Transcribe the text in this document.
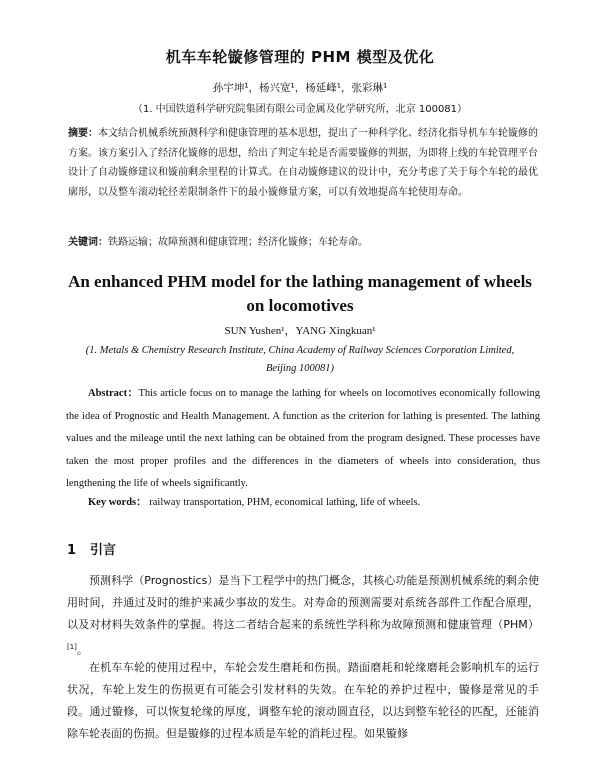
机车车轮镟修管理的 PHM 模型及优化
孙宇坤¹，杨兴宽¹，杨延峰¹，张彩琳¹
（1. 中国铁道科学研究院集团有限公司金属及化学研究所，北京 100081）

摘要：本文结合机械系统预测科学和健康管理的基本思想，提出了一种科学化、经济化指导机车车轮镟修的方案。该方案引入了经济化镟修的思想，给出了判定车轮是否需要镟修的判据，为即将上线的车轮管理平台设计了自动镟修建议和镟前剩余里程的计算式。在自动镟修建议的设计中，充分考虑了关于每个车轮的最优廓形，以及整车滚动轮径差限制条件下的最小镟修量方案，可以有效地提高车轮使用寿命。

关键词：铁路运输；故障预测和健康管理；经济化镟修；车轮寿命。

An enhanced PHM model for the lathing management of wheels on locomotives
SUN Yushen¹，YANG Xingkuan¹

(1. Metals & Chemistry Research Institute, China Academy of Railway Sciences Corporation Limited, Beijing 100081)

Abstract：This article focus on to manage the lathing for wheels on locomotives economically following the idea of Prognostic and Health Management. A function as the criterion for lathing is presented. The lathing values and the mileage until the next lathing can be obtained from the program designed. These processes have taken the most proper profiles and the differences in the diameters of wheels into consideration, thus lengthening the life of wheels significantly.

Key words： railway transportation, PHM, economical lathing, life of wheels.

1 引言

预测科学（Prognostics）是当下工程学中的热门概念，其核心功能是预测机械系统的剩余使用时间，并通过及时的维护来减少事故的发生。对寿命的预测需要对系统各部件工作配合原理，以及对材料失效条件的掌握。将这二者结合起来的系统性学科称为故障预测和健康管理（PHM）[1]。

在机车车轮的使用过程中，车轮会发生磨耗和伤损。踏面磨耗和轮缘磨耗会影响机车的运行状况，车轮上发生的伤损更有可能会引发材料的失效。在车轮的养护过程中，镟修是常见的手段。通过镟修，可以恢复轮缘的厚度，调整车轮的滚动圆直径，以达到整车轮径的匹配，还能消除车轮表面的伤损。但是镟修的过程本质是车轮的消耗过程。如果镟修
